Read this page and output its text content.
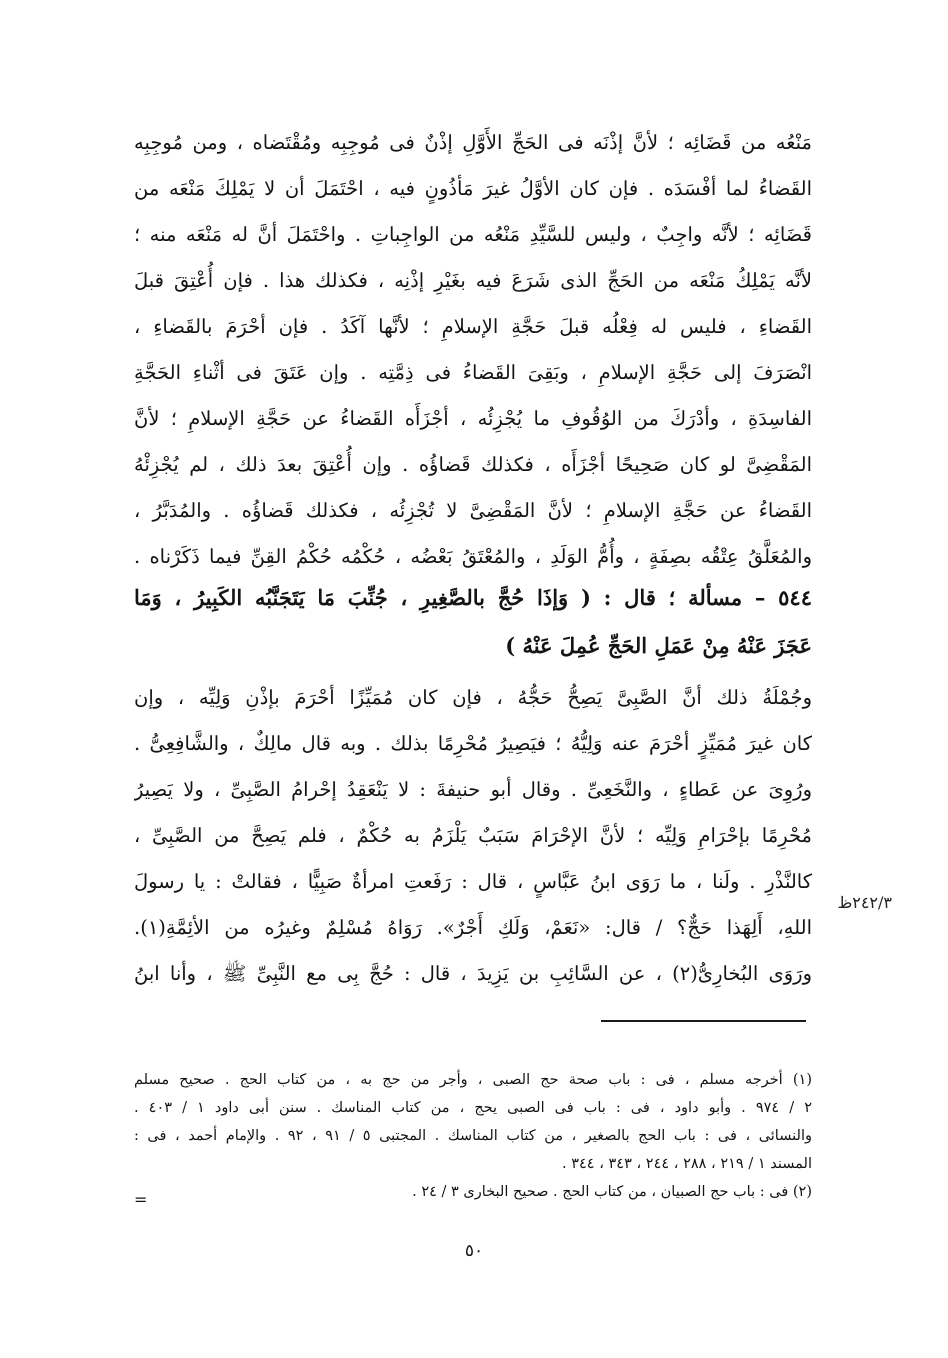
مَنْعُه من قَضَائِه ؛ لأنَّ إذْنَه فى الحَجِّ الأَوَّلِ إذْنٌ فى مُوجِبِه ومُقْتَضاه ، ومن مُوجِبِه
القَضاءُ لما أفْسَدَه . فإن كان الأوَّلُ غيرَ مَأذُونٍ فيه ، احْتَمَلَ أن لا يَمْلِكَ مَنْعَه من
قَضَائِه ؛ لأنَّه واجِبٌ ، وليس للسَّيِّدِ مَنْعُه من الواجِباتِ . واحْتَمَلَ أنَّ له مَنْعَه منه ؛
لأنَّه يَمْلِكُ مَنْعَه من الحَجِّ الذى شَرَعَ فيه بغَيْرِ إذْنِه ، فكذلك هذا . فإن أُعْتِقَ قبلَ
القَضاءِ ، فليس له فِعْلُه قبلَ حَجَّةِ الإسلامِ ؛ لأنَّها آكَدُ . فإن أحْرَمَ بالقَضاءِ ،
انْصَرَفَ إلى حَجَّةِ الإسلامِ ، وبَقِىَ القَضاءُ فى ذِمَّتِه . وإن عَتَقَ فى أثْناءِ الحَجَّةِ
الفاسِدَةِ ، وأدْرَكَ من الوُقُوفِ ما يُجْزِئُه ، أجْزَأَه القَضاءُ عن حَجَّةِ الإسلامِ ؛ لأنَّ
المَقْضِىَّ لو كان صَحِيحًا أجْزَأَه ، فكذلك قَضاؤُه . وإن أُعْتِقَ بعدَ ذلك ، لم يُجْزِئْهُ
القَضاءُ عن حَجَّةِ الإسلامِ ؛ لأنَّ المَقْضِىَّ لا تُجْزِئُه ، فكذلك قَضاؤُه . والمُدَبَّرُ ،
والمُعَلَّقُ عِتْقُه بصِفَةٍ ، وأُمُّ الوَلَدِ ، والمُعْتَقُ بَعْضُه ، حُكْمُه حُكْمُ القِنِّ فيما ذَكَرْناه .
٥٤٤ – مسألة ؛ قال : ( وَإذَا حُجَّ بالصَّغِيرِ ، جُنِّبَ مَا يَتَجَنَّبُه الكَبِيرُ ، وَمَا
عَجَزَ عَنْهُ مِنْ عَمَلِ الحَجِّ عُمِلَ عَنْهُ )
وجُمْلَةُ ذلك أنَّ الصَّبِىَّ يَصِحُّ حَجُّهُ ، فإن كان مُمَيِّزًا أحْرَمَ بإذْنِ وَلِيِّه ، وإن
كان غيرَ مُمَيِّزٍ أحْرَمَ عنه وَلِيُّهُ ؛ فيَصِيرُ مُحْرِمًا بذلك . وبه قال مالِكٌ ، والشَّافِعِىُّ .
ورُوِىَ عن عَطاءٍ ، والنَّخَعِىِّ . وقال أبو حنيفةَ : لا يَنْعَقِدُ إحْرامُ الصَّبِىِّ ، ولا يَصِيرُ
مُحْرِمًا بإحْرَامِ وَلِيِّه ؛ لأنَّ الإحْرَامَ سَبَبٌ يَلْزَمُ به حُكْمٌ ، فلم يَصِحَّ من الصَّبِىِّ ،
كالنَّذْرِ . ولَنا ، ما رَوَى ابنُ عَبَّاسٍ ، قال : رَفَعتِ امرأةٌ صَبِيًّا ، فقالتْ : يا رسولَ
اللهِ، أَلِهَذا حَجٌّ؟ / قال: «نَعَمْ، وَلَكِ أَجْرٌ». رَوَاهُ مُسْلِمٌ وغيرُه من الأئِمَّةِ(١).
ورَوَى البُخارِىُّ(٢) ، عن السَّائِبِ بن يَزِيدَ ، قال : حُجَّ بِى مع النَّبِىِّ ﷺ ، وأنا ابنُ
٢٤٢/٣ظ
(١) أخرجه مسلم ، فى : باب صحة حج الصبى ، وأجر من حج به ، من كتاب الحج . صحيح مسلم
٢ / ٩٧٤ . وأبو داود ، فى : باب فى الصبى يحج ، من كتاب المناسك . سنن أبى داود ١ / ٤٠٣ .
والنسائى ، فى : باب الحج بالصغير ، من كتاب المناسك . المجتبى ٥ / ٩١ ، ٩٢ . والإمام أحمد ، فى :
المسند ١ / ٢١٩ ، ٢٨٨ ، ٢٤٤ ، ٣٤٣ ، ٣٤٤ .
(٢) فى : باب حج الصبيان ، من كتاب الحج . صحيح البخارى ٣ / ٢٤ .
=
٥٠
